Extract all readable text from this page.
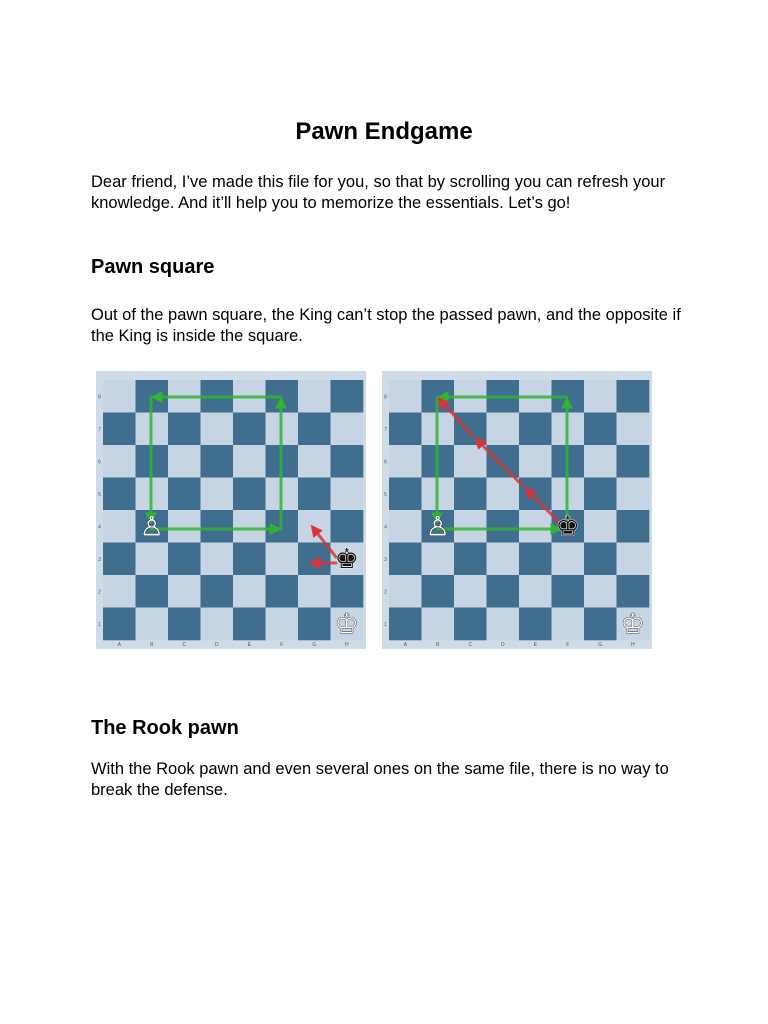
Pawn Endgame

Dear friend, I’ve made this file for you, so that by scrolling you can refresh your knowledge. And it’ll help you to memorize the essentials. Let’s go!

Pawn square

Out of the pawn square, the King can’t stop the passed pawn, and the opposite if the King is inside the square.

8
7
6
5
4
3
2
1
A	B	C	D	E	F	G	H
♙
♚
♔
8
7
6
5
4
3
2
1
A	B	C	D	E	F	G	H
♙	♚
♔
The Rook pawn

With the Rook pawn and even several ones on the same file, there is no way to break the defense.
